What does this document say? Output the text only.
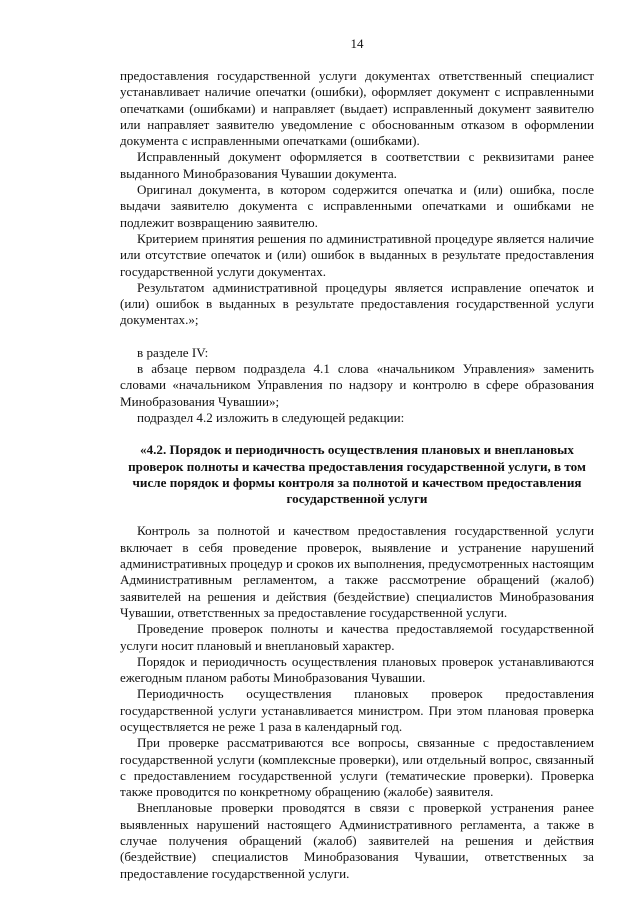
14

предоставления государственной услуги документах ответственный специалист устанавливает наличие опечатки (ошибки), оформляет документ с исправленными опечатками (ошибками) и направляет (выдает) исправленный документ заявителю или направляет заявителю уведомление с обоснованным отказом в оформлении документа с исправленными опечатками (ошибками).

Исправленный документ оформляется в соответствии с реквизитами ранее выданного Минобразования Чувашии документа.

Оригинал документа, в котором содержится опечатка и (или) ошибка, после выдачи заявителю документа с исправленными опечатками и ошибками не подлежит возвращению заявителю.

Критерием принятия решения по административной процедуре является наличие или отсутствие опечаток и (или) ошибок в выданных в результате предоставления государственной услуги документах.

Результатом административной процедуры является исправление опечаток и (или) ошибок в выданных в результате предоставления государственной услуги документах.»;

в разделе IV:

в абзаце первом подраздела 4.1 слова «начальником Управления» заменить словами «начальником Управления по надзору и контролю в сфере образования Минобразования Чувашии»;

подраздел 4.2 изложить в следующей редакции:

«4.2. Порядок и периодичность осуществления плановых и внеплановых проверок полноты и качества предоставления государственной услуги, в том числе порядок и формы контроля за полнотой и качеством предоставления государственной услуги

Контроль за полнотой и качеством предоставления государственной услуги включает в себя проведение проверок, выявление и устранение нарушений административных процедур и сроков их выполнения, предусмотренных настоящим Административным регламентом, а также рассмотрение обращений (жалоб) заявителей на решения и действия (бездействие) специалистов Минобразования Чувашии, ответственных за предоставление государственной услуги.

Проведение проверок полноты и качества предоставляемой государственной услуги носит плановый и внеплановый характер.

Порядок и периодичность осуществления плановых проверок устанавливаются ежегодным планом работы Минобразования Чувашии.

Периодичность осуществления плановых проверок предоставления государственной услуги устанавливается министром. При этом плановая проверка осуществляется не реже 1 раза в календарный год.

При проверке рассматриваются все вопросы, связанные с предоставлением государственной услуги (комплексные проверки), или отдельный вопрос, связанный с предоставлением государственной услуги (тематические проверки). Проверка также проводится по конкретному обращению (жалобе) заявителя.

Внеплановые проверки проводятся в связи с проверкой устранения ранее выявленных нарушений настоящего Административного регламента, а также в случае получения обращений (жалоб) заявителей на решения и действия (бездействие) специалистов Минобразования Чувашии, ответственных за предоставление государственной услуги.
